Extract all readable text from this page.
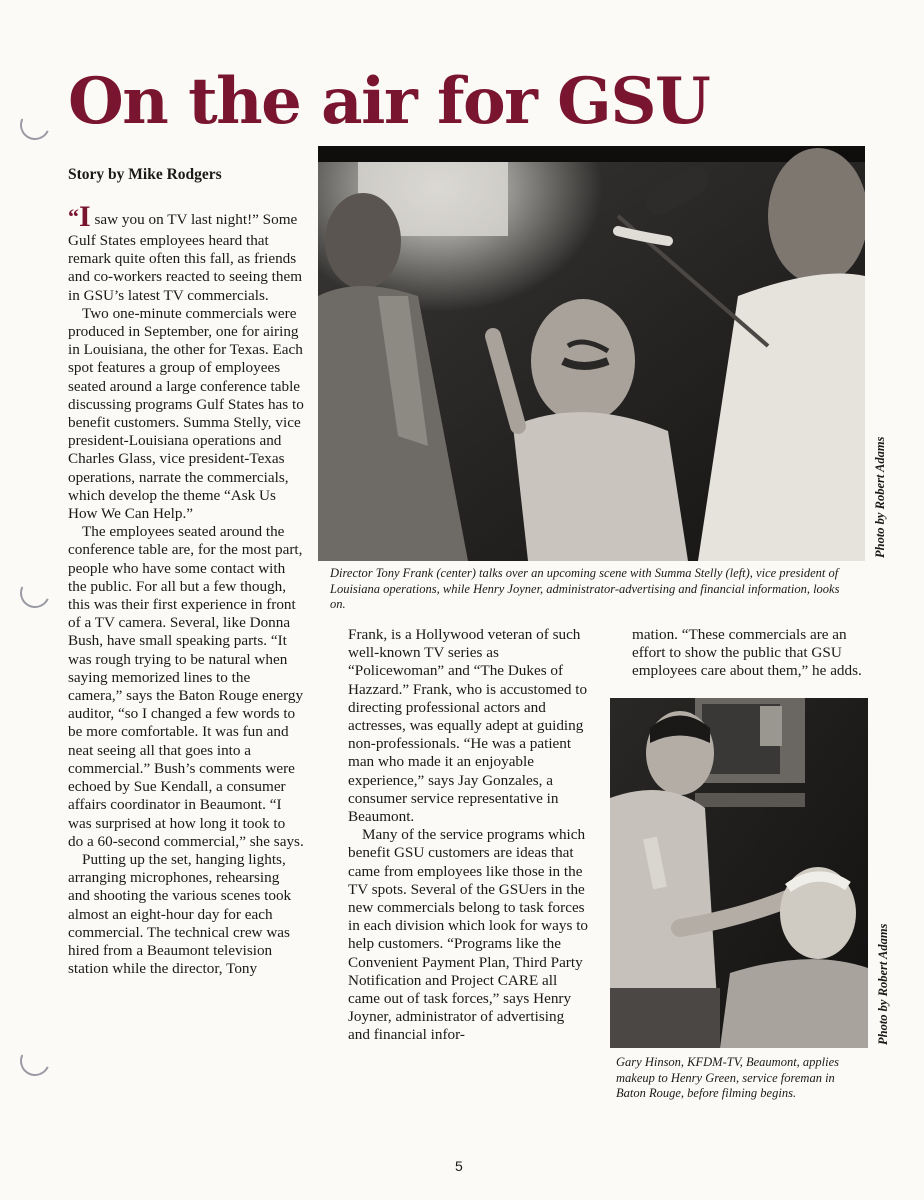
On the air for GSU
Story by Mike Rodgers

“I saw you on TV last night!” Some Gulf States employees heard that remark quite often this fall, as friends and co-workers reacted to seeing them in GSU’s latest TV commercials.

Two one-minute commercials were produced in September, one for airing in Louisiana, the other for Texas. Each spot features a group of employees seated around a large conference table discussing programs Gulf States has to benefit customers. Summa Stelly, vice president-Louisiana operations and Charles Glass, vice president-Texas operations, narrate the commercials, which develop the theme “Ask Us How We Can Help.”

The employees seated around the conference table are, for the most part, people who have some contact with the public. For all but a few though, this was their first experience in front of a TV camera. Several, like Donna Bush, have small speaking parts. “It was rough trying to be natural when saying memorized lines to the camera,” says the Baton Rouge energy auditor, “so I changed a few words to be more comfortable. It was fun and neat seeing all that goes into a commercial.” Bush’s comments were echoed by Sue Kendall, a consumer affairs coordinator in Beaumont. “I was surprised at how long it took to do a 60-second commercial,” she says.

Putting up the set, hanging lights, arranging microphones, rehearsing and shooting the various scenes took almost an eight-hour day for each commercial. The technical crew was hired from a Beaumont television station while the director, Tony

Photo by Robert Adams

Director Tony Frank (center) talks over an upcoming scene with Summa Stelly (left), vice president of Louisiana operations, while Henry Joyner, administrator-advertising and financial information, looks on.

Frank, is a Hollywood veteran of such well-known TV series as “Policewoman” and “The Dukes of Hazzard.” Frank, who is accustomed to directing professional actors and actresses, was equally adept at guiding non-professionals. “He was a patient man who made it an enjoyable experience,” says Jay Gonzales, a consumer service representative in Beaumont.

Many of the service programs which benefit GSU customers are ideas that came from employees like those in the TV spots. Several of the GSUers in the new commercials belong to task forces in each division which look for ways to help customers. “Programs like the Convenient Payment Plan, Third Party Notification and Project CARE all came out of task forces,” says Henry Joyner, administrator of advertising and financial infor-

mation. “These commercials are an effort to show the public that GSU employees care about them,” he adds.

Photo by Robert Adams

Gary Hinson, KFDM-TV, Beaumont, applies makeup to Henry Green, service foreman in Baton Rouge, before filming begins.

5
